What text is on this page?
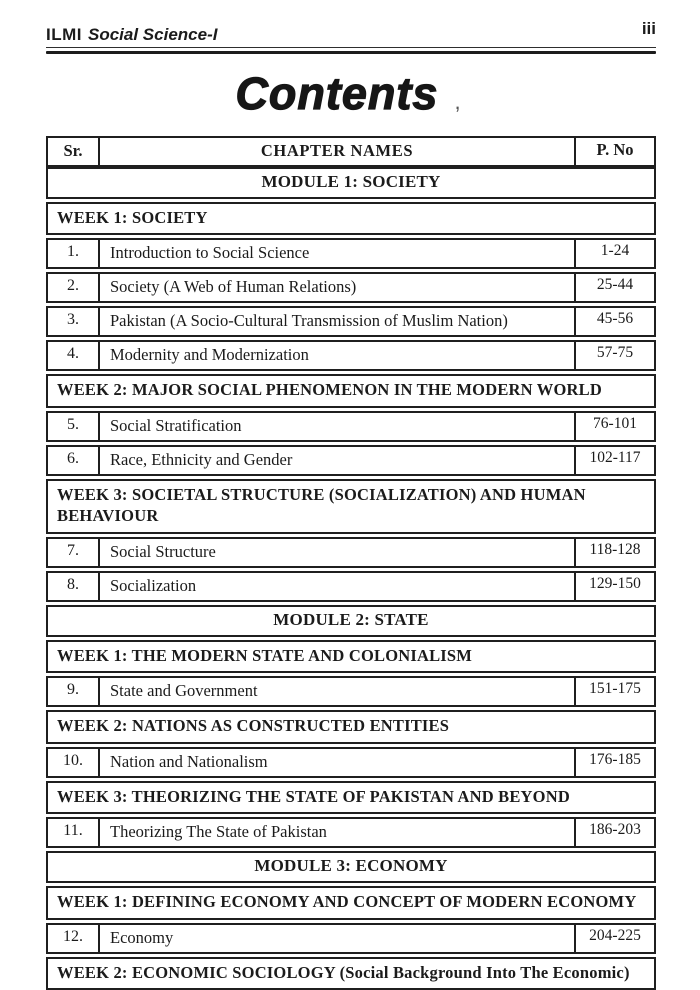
ILMI Social Science-I	iii
Contents ,
Sr.	CHAPTER NAMES	P. No
MODULE 1: SOCIETY
WEEK 1: SOCIETY
1.	Introduction to Social Science	1-24
2.	Society (A Web of Human Relations)	25-44
3.	Pakistan (A Socio-Cultural Transmission of Muslim Nation)	45-56
4.	Modernity and Modernization	57-75
WEEK 2: MAJOR SOCIAL PHENOMENON IN THE MODERN WORLD
5.	Social Stratification	76-101
6.	Race, Ethnicity and Gender	102-117
WEEK 3: SOCIETAL STRUCTURE (SOCIALIZATION) AND HUMAN BEHAVIOUR
7.	Social Structure	118-128
8.	Socialization	129-150
MODULE 2: STATE
WEEK 1: THE MODERN STATE AND COLONIALISM
9.	State and Government	151-175
WEEK 2: NATIONS AS CONSTRUCTED ENTITIES
10.	Nation and Nationalism	176-185
WEEK 3: THEORIZING THE STATE OF PAKISTAN AND BEYOND
11.	Theorizing The State of Pakistan	186-203
MODULE 3: ECONOMY
WEEK 1: DEFINING ECONOMY AND CONCEPT OF MODERN ECONOMY
12.	Economy	204-225
WEEK 2: ECONOMIC SOCIOLOGY (Social Background Into The Economic)
